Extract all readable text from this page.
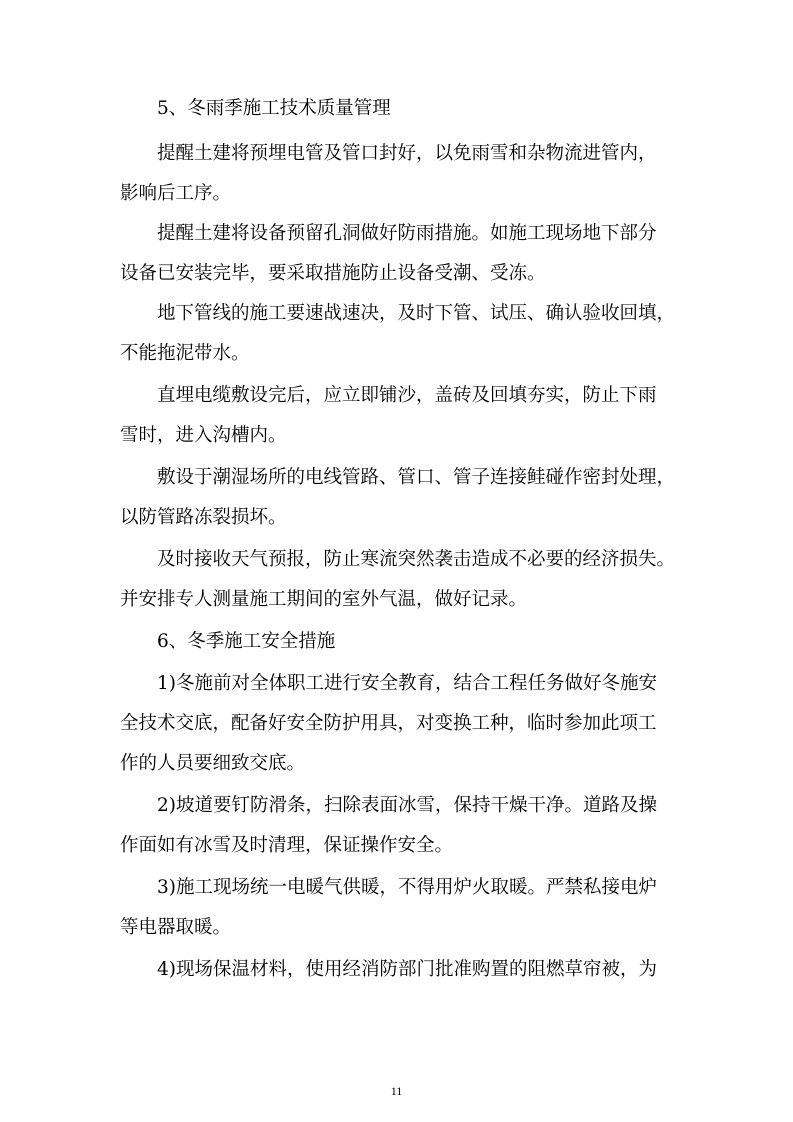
5、冬雨季施工技术质量管理
提醒土建将预埋电管及管口封好，以免雨雪和杂物流进管内，
影响后工序。
提醒土建将设备预留孔洞做好防雨措施。如施工现场地下部分
设备已安装完毕，要采取措施防止设备受潮、受冻。
地下管线的施工要速战速决，及时下管、试压、确认验收回填，
不能拖泥带水。
直埋电缆敷设完后，应立即铺沙，盖砖及回填夯实，防止下雨
雪时，进入沟槽内。
敷设于潮湿场所的电线管路、管口、管子连接鲑碰作密封处理，
以防管路冻裂损坏。
及时接收天气预报，防止寒流突然袭击造成不必要的经济损失。
并安排专人测量施工期间的室外气温，做好记录。
6、冬季施工安全措施
1)冬施前对全体职工进行安全教育，结合工程任务做好冬施安
全技术交底，配备好安全防护用具，对变换工种，临时参加此项工
作的人员要细致交底。
2)坡道要钉防滑条，扫除表面冰雪，保持干燥干净。道路及操
作面如有冰雪及时清理，保证操作安全。
3)施工现场统一电暖气供暖，不得用炉火取暖。严禁私接电炉
等电器取暖。
4)现场保温材料，使用经消防部门批准购置的阻燃草帘被，为
11
